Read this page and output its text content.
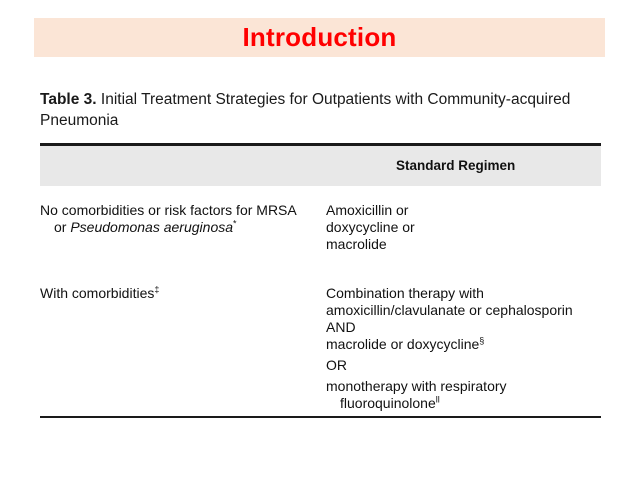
Introduction
Table 3. Initial Treatment Strategies for Outpatients with Community-acquired Pneumonia
Standard Regimen
No comorbidities or risk factors for MRSA
or Pseudomonas aeruginosa*
Amoxicillin or
doxycycline or
macrolide
With comorbidities‡	Combination therapy with
amoxicillin/clavulanate or cephalosporin
AND
macrolide or doxycycline§
OR
monotherapy with respiratory
fluoroquinolone$^{ll}$
